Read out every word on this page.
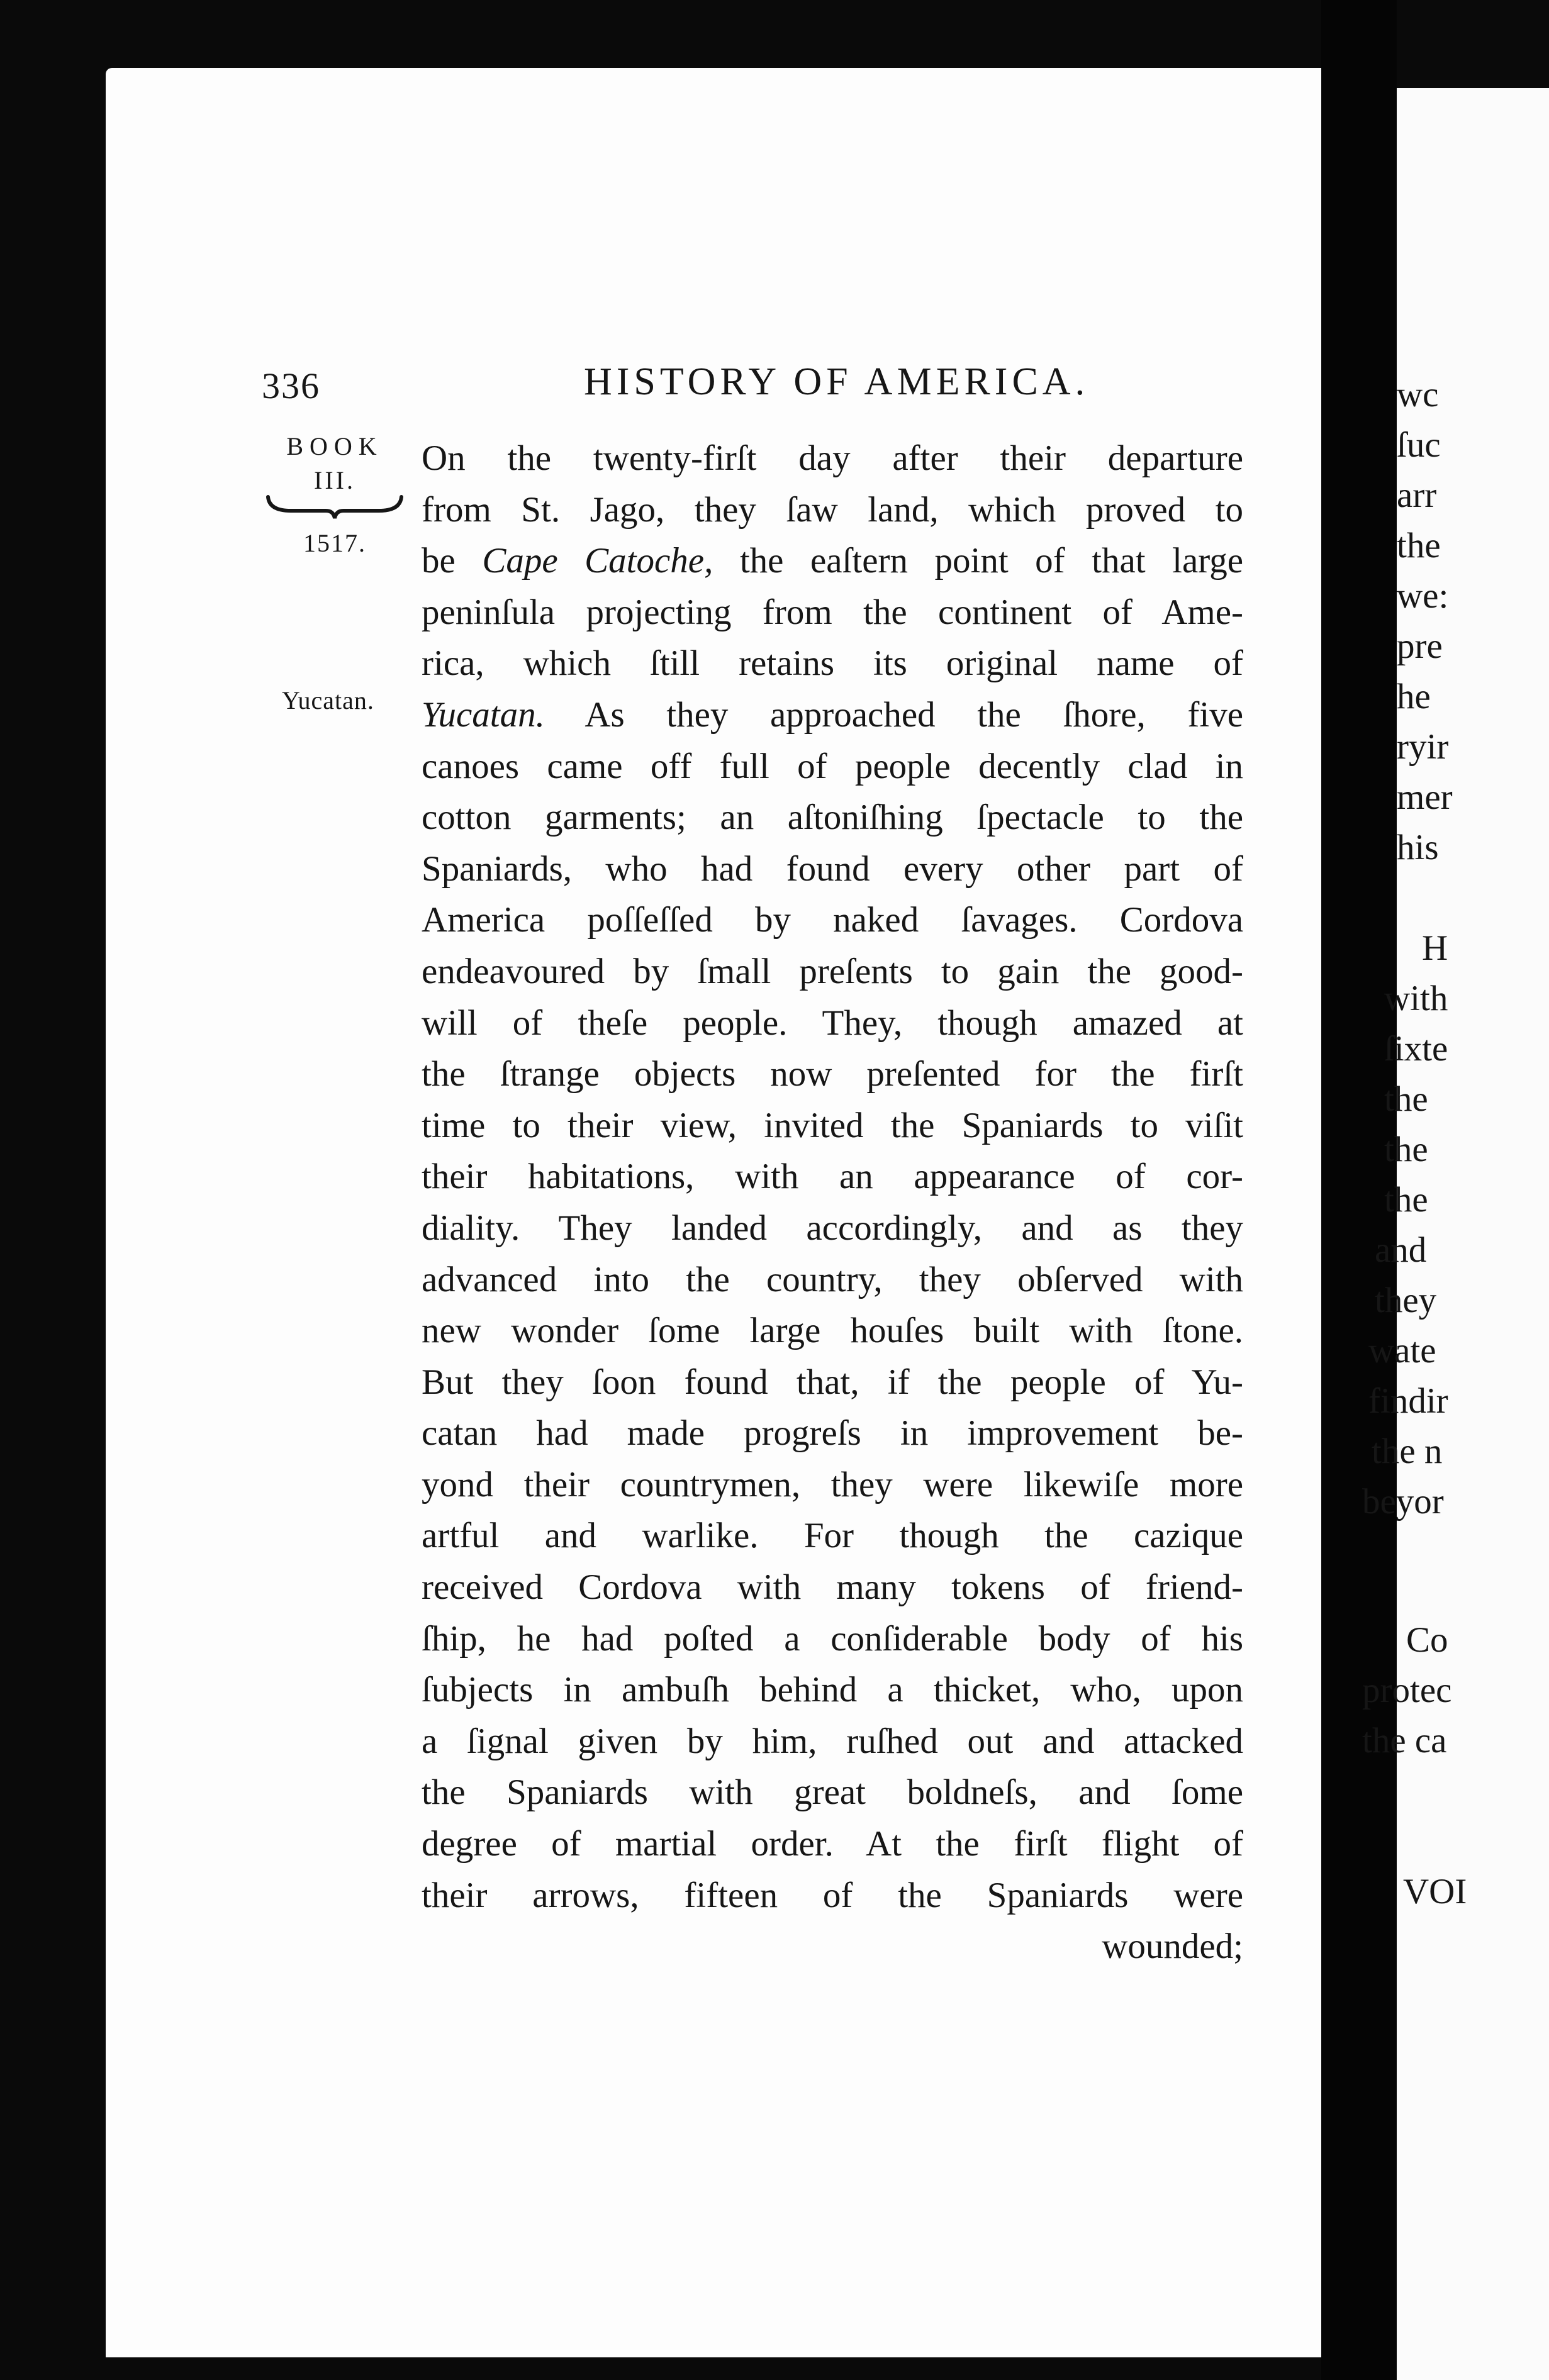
wc
ſuc
arr
the
we:
pre
he
ryir
mer
his
H
with
ſixte
the
the
the
and
they
wate
findir
the n
beyor
Co
protec
the ca
VOI
336	HISTORY OF AMERICA.
BOOK
III.
1517.
Yucatan.
On the twenty-firſt day after their departure
from St. Jago, they ſaw land, which proved to
be Cape Catoche, the eaſtern point of that large
peninſula projecting from the continent of Ame-
rica, which ſtill retains its original name of
Yucatan. As they approached the ſhore, five
canoes came off full of people decently clad in
cotton garments; an aſtoniſhing ſpectacle to the
Spaniards, who had found every other part of
America poſſeſſed by naked ſavages. Cordova
endeavoured by ſmall preſents to gain the good-
will of theſe people. They, though amazed at
the ſtrange objects now preſented for the firſt
time to their view, invited the Spaniards to viſit
their habitations, with an appearance of cor-
diality. They landed accordingly, and as they
advanced into the country, they obſerved with
new wonder ſome large houſes built with ſtone.
But they ſoon found that, if the people of Yu-
catan had made progreſs in improvement be-
yond their countrymen, they were likewiſe more
artful and warlike. For though the cazique
received Cordova with many tokens of friend-
ſhip, he had poſted a conſiderable body of his
ſubjects in ambuſh behind a thicket, who, upon
a ſignal given by him, ruſhed out and attacked
the Spaniards with great boldneſs, and ſome
degree of martial order. At the firſt flight of
their arrows, fifteen of the Spaniards were
wounded;
